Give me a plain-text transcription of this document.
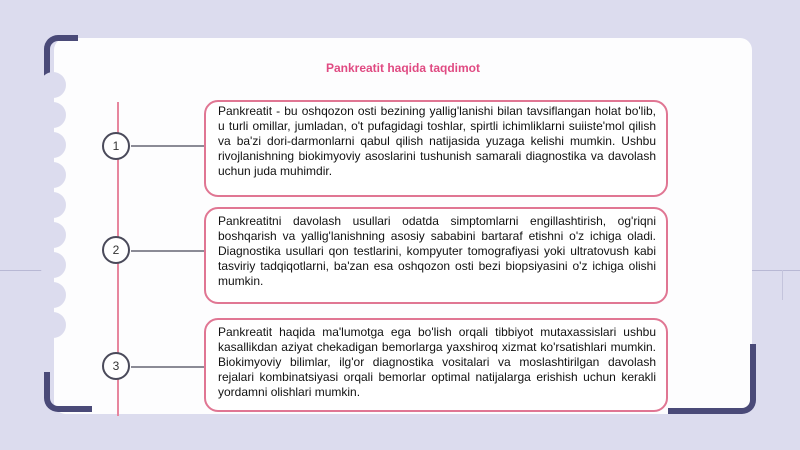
Pankreatit haqida taqdimot
1

Pankreatit - bu oshqozon osti bezining yallig'lanishi bilan tavsiflangan holat bo'lib, u turli omillar, jumladan, o't pufagidagi toshlar, spirtli ichimliklarni suiiste'mol qilish va ba'zi dori-darmonlarni qabul qilish natijasida yuzaga kelishi mumkin. Ushbu rivojlanishning biokimyoviy asoslarini tushunish samarali diagnostika va davolash uchun juda muhimdir.

2

Pankreatitni davolash usullari odatda simptomlarni engillashtirish, og'riqni boshqarish va yallig'lanishning asosiy sababini bartaraf etishni o'z ichiga oladi. Diagnostika usullari qon testlarini, kompyuter tomografiyasi yoki ultratovush kabi tasviriy tadqiqotlarni, ba'zan esa oshqozon osti bezi biopsiyasini o'z ichiga olishi mumkin.

3

Pankreatit haqida ma'lumotga ega bo'lish orqali tibbiyot mutaxassislari ushbu kasallikdan aziyat chekadigan bemorlarga yaxshiroq xizmat ko'rsatishlari mumkin. Biokimyoviy bilimlar, ilg'or diagnostika vositalari va moslashtirilgan davolash rejalari kombinatsiyasi orqali bemorlar optimal natijalarga erishish uchun kerakli yordamni olishlari mumkin.
